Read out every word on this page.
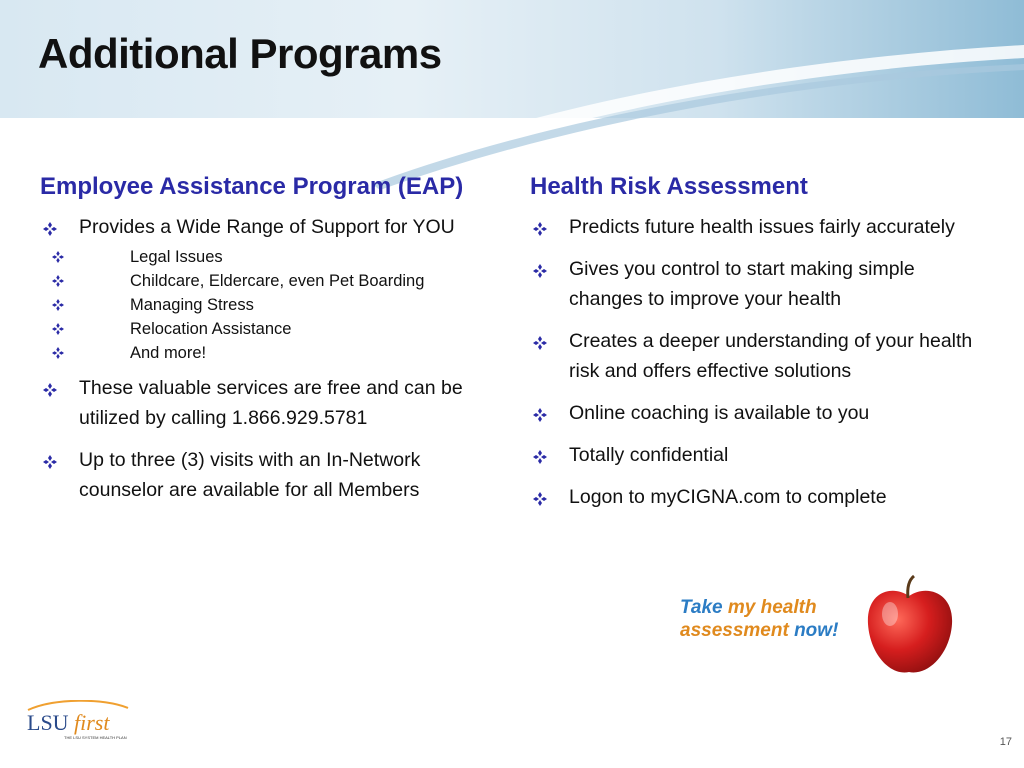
Additional Programs
Employee Assistance Program (EAP)
Provides a Wide Range of Support for YOU
Legal Issues
Childcare, Eldercare, even Pet Boarding
Managing Stress
Relocation Assistance
And more!
These valuable services are free and can be utilized by calling 1.866.929.5781
Up to three (3) visits with an In-Network counselor are available for all Members
Health Risk Assessment
Predicts future health issues fairly accurately
Gives you control to start making simple changes to improve your health
Creates a deeper understanding of your health risk and offers effective solutions
Online coaching is available to you
Totally confidential
Logon to myCIGNA.com to complete
Take my health
assessment now!
LSU first
THE LSU SYSTEM HEALTH PLAN	17
